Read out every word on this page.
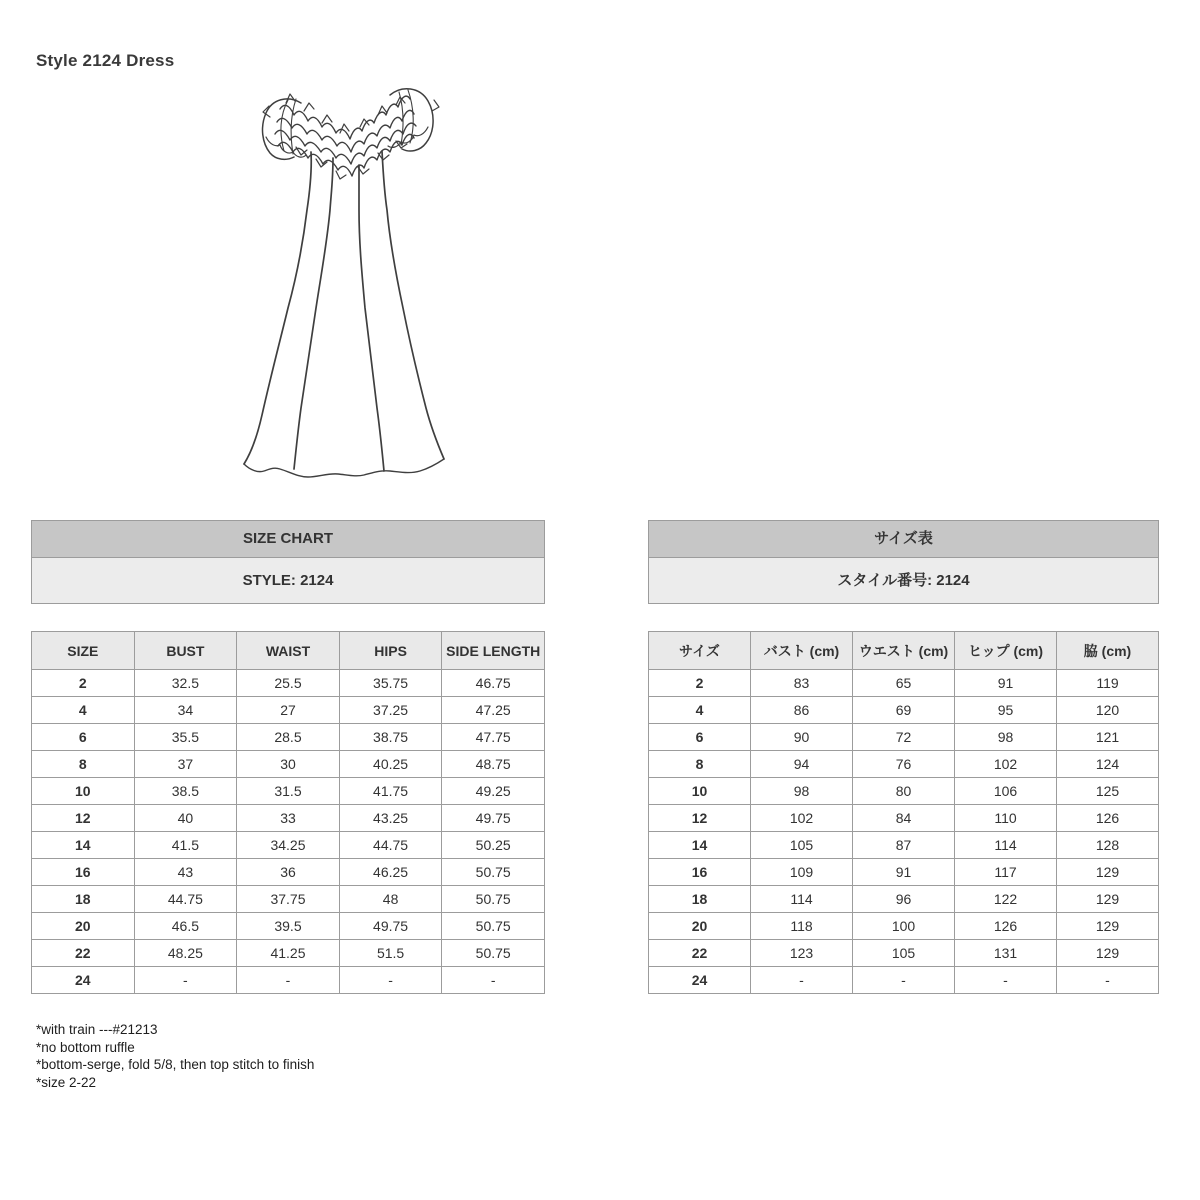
Style 2124 Dress
SIZE CHART
STYLE: 2124
SIZE	BUST	WAIST	HIPS	SIDE LENGTH
2	32.5	25.5	35.75	46.75
4	34	27	37.25	47.25
6	35.5	28.5	38.75	47.75
8	37	30	40.25	48.75
10	38.5	31.5	41.75	49.25
12	40	33	43.25	49.75
14	41.5	34.25	44.75	50.25
16	43	36	46.25	50.75
18	44.75	37.75	48	50.75
20	46.5	39.5	49.75	50.75
22	48.25	41.25	51.5	50.75
24	-	-	-	-
サイズ表
スタイル番号: 2124
サイズ	バスト (cm)	ウエスト (cm)	ヒップ (cm)	脇 (cm)
2	83	65	91	119
4	86	69	95	120
6	90	72	98	121
8	94	76	102	124
10	98	80	106	125
12	102	84	110	126
14	105	87	114	128
16	109	91	117	129
18	114	96	122	129
20	118	100	126	129
22	123	105	131	129
24	-	-	-	-
*with train ---#21213
*no bottom ruffle
*bottom-serge, fold 5/8, then top stitch to finish
*size 2-22
